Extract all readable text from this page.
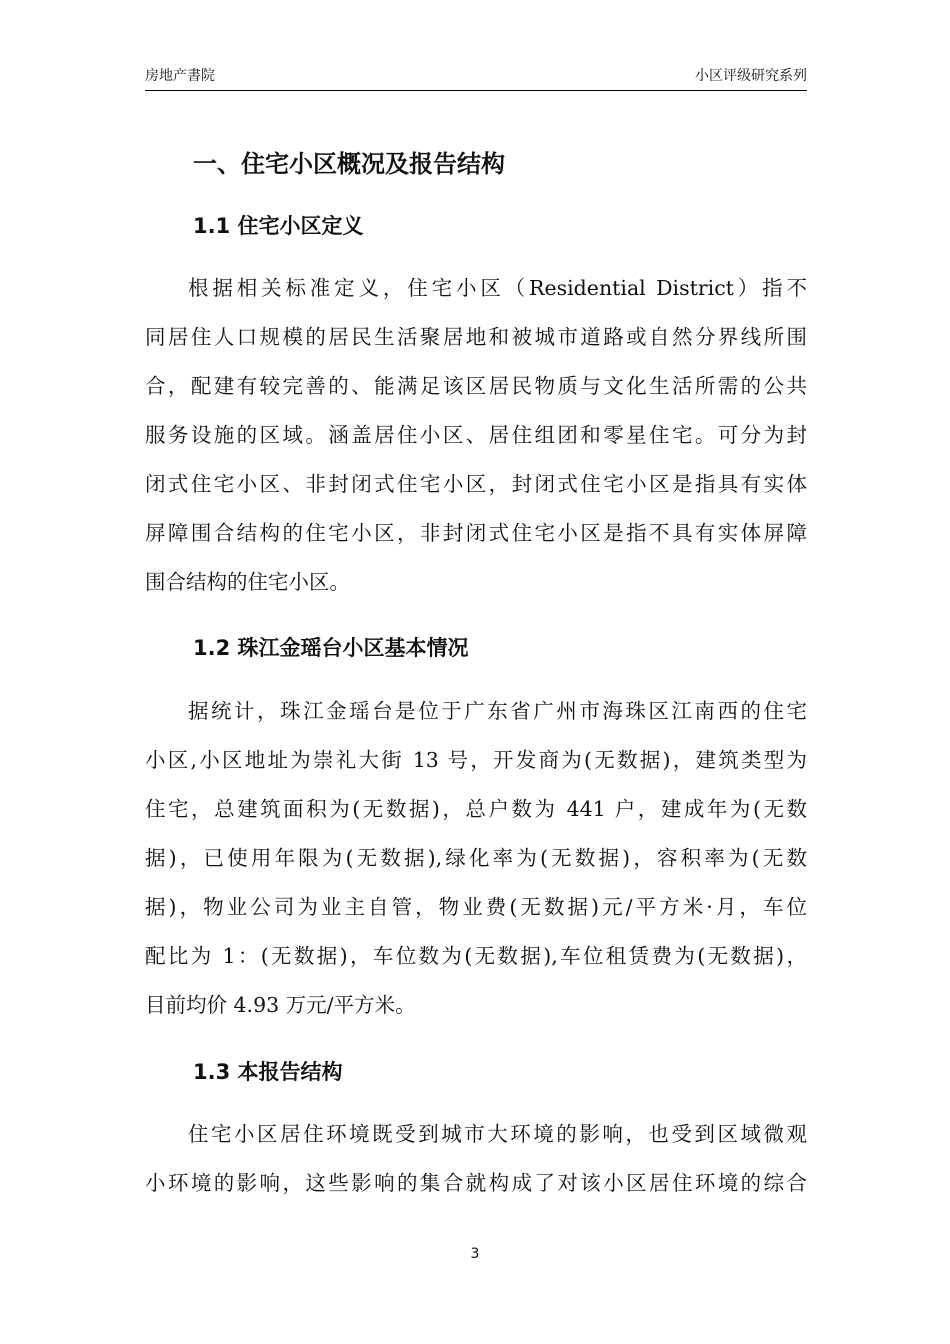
房地产書院	小区评级研究系列
一、住宅小区概况及报告结构
1.1 住宅小区定义
根据相关标准定义，住宅小区（Residential District）指不
同居住人口规模的居民生活聚居地和被城市道路或自然分界线所围
合，配建有较完善的、能满足该区居民物质与文化生活所需的公共
服务设施的区域。涵盖居住小区、居住组团和零星住宅。可分为封
闭式住宅小区、非封闭式住宅小区，封闭式住宅小区是指具有实体
屏障围合结构的住宅小区，非封闭式住宅小区是指不具有实体屏障
围合结构的住宅小区。
1.2 珠江金瑶台小区基本情况
据统计，珠江金瑶台是位于广东省广州市海珠区江南西的住宅
小区,小区地址为崇礼大街 13 号，开发商为(无数据)，建筑类型为
住宅，总建筑面积为(无数据)，总户数为 441 户，建成年为(无数
据)，已使用年限为(无数据),绿化率为(无数据)，容积率为(无数
据)，物业公司为业主自管，物业费(无数据)元/平方米·月，车位
配比为 1：(无数据)，车位数为(无数据),车位租赁费为(无数据)，
目前均价 4.93 万元/平方米。
1.3 本报告结构
住宅小区居住环境既受到城市大环境的影响，也受到区域微观
小环境的影响，这些影响的集合就构成了对该小区居住环境的综合
3
